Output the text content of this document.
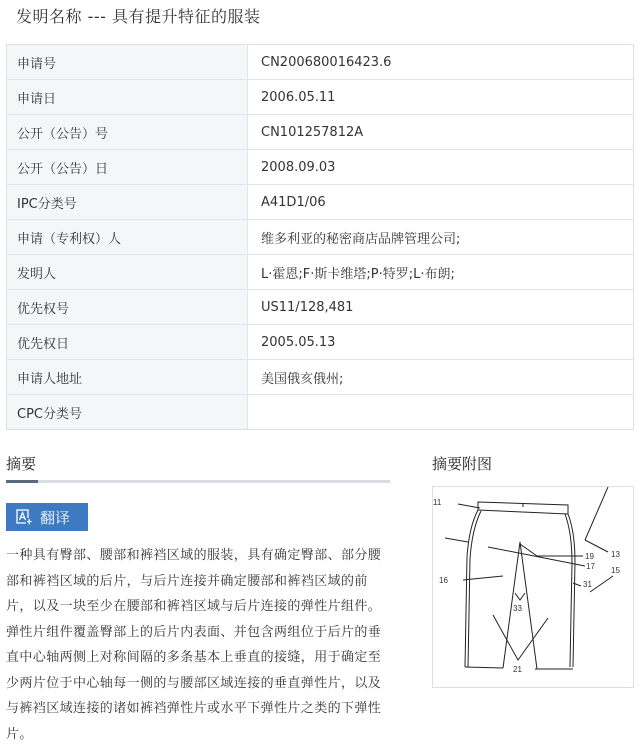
发明名称 --- 具有提升特征的服装
申请号	CN200680016423.6
申请日	2006.05.11
公开（公告）号	CN101257812A
公开（公告）日	2008.09.03
IPC分类号	A41D1/06
申请（专利权）人	维多利亚的秘密商店品牌管理公司;
发明人	L·霍恩;F·斯卡维塔;P·特罗;L·布朗;
优先权号	US11/128,481
优先权日	2005.05.13
申请人地址	美国俄亥俄州;
CPC分类号	
摘要
翻译
一种具有臀部、腰部和裤裆区域的服装，具有确定臀部、部分腰部和裤裆区域的后片，与后片连接并确定腰部和裤裆区域的前片，以及一块至少在腰部和裤裆区域与后片连接的弹性片组件。弹性片组件覆盖臀部上的后片内表面、并包含两组位于后片的垂直中心轴两侧上对称间隔的多条基本上垂直的接缝，用于确定至少两片位于中心轴每一侧的与腰部区域连接的垂直弹性片，以及与裤裆区域连接的诸如裤裆弹性片或水平下弹性片之类的下弹性片。
摘要附图
11
17
16	31
13
19
15
33
21
